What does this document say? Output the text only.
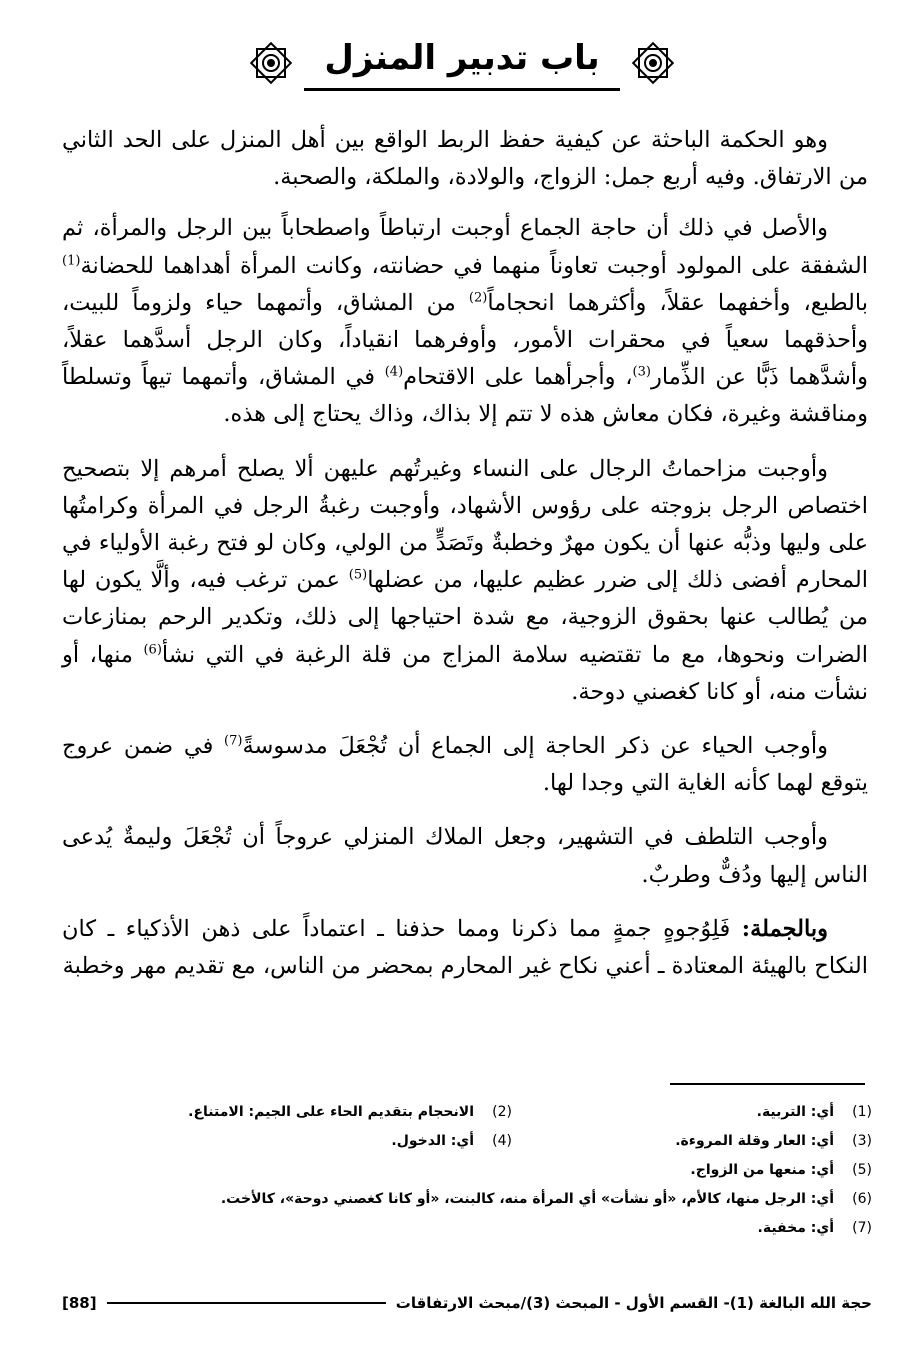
باب تدبير المنزل

وهو الحكمة الباحثة عن كيفية حفظ الربط الواقع بين أهل المنزل على الحد الثاني من الارتفاق. وفيه أربع جمل: الزواج، والولادة، والملكة، والصحبة.

والأصل في ذلك أن حاجة الجماع أوجبت ارتباطاً واصطحاباً بين الرجل والمرأة، ثم الشفقة على المولود أوجبت تعاوناً منهما في حضانته، وكانت المرأة أهداهما للحضانة$^{(1)}$ بالطبع، وأخفهما عقلاً، وأكثرهما انحجاماً$^{(2)}$ من المشاق، وأتمهما حياء ولزوماً للبيت، وأحذقهما سعياً في محقرات الأمور، وأوفرهما انقياداً، وكان الرجل أسدَّهما عقلاً، وأشدَّهما ذَبًّا عن الذِّمار$^{(3)}$، وأجرأهما على الاقتحام$^{(4)}$ في المشاق، وأتمهما تيهاً وتسلطاً ومناقشة وغيرة، فكان معاش هذه لا تتم إلا بذاك، وذاك يحتاج إلى هذه.

وأوجبت مزاحماتُ الرجال على النساء وغيرتُهم عليهن ألا يصلح أمرهم إلا بتصحيح اختصاص الرجل بزوجته على رؤوس الأشهاد، وأوجبت رغبةُ الرجل في المرأة وكرامتُها على وليها وذبُّه عنها أن يكون مهرٌ وخطبةٌ وتَصَدٍّ من الولي، وكان لو فتح رغبة الأولياء في المحارم أفضى ذلك إلى ضرر عظيم عليها، من عضلها$^{(5)}$ عمن ترغب فيه، وألَّا يكون لها من يُطالب عنها بحقوق الزوجية، مع شدة احتياجها إلى ذلك، وتكدير الرحم بمنازعات الضرات ونحوها، مع ما تقتضيه سلامة المزاج من قلة الرغبة في التي نشأ$^{(6)}$ منها، أو نشأت منه، أو كانا كغصني دوحة.

وأوجب الحياء عن ذكر الحاجة إلى الجماع أن تُجْعَلَ مدسوسةً$^{(7)}$ في ضمن عروج يتوقع لهما كأنه الغاية التي وجدا لها.

وأوجب التلطف في التشهير، وجعل الملاك المنزلي عروجاً أن تُجْعَلَ وليمةٌ يُدعى الناس إليها ودُفٌّ وطربٌ.

وبالجملة: فَلِوُجوهٍ جمةٍ مما ذكرنا ومما حذفنا ـ اعتماداً على ذهن الأذكياء ـ كان النكاح بالهيئة المعتادة ـ أعني نكاح غير المحارم بمحضر من الناس، مع تقديم مهر وخطبة

(1)
أي: التربية.
(2)
الانحجام بتقديم الحاء على الجيم: الامتناع.
(3)
أي: العار وقلة المروءة.
(4)
أي: الدخول.
(5)
أي: منعها من الزواج.
(6)
أي: الرجل منها، كالأم، «أو نشأت» أي المرأة منه، كالبنت، «أو كانا كغصني دوحة»، كالأخت.
(7)
أي: مخفية.
حجة الله البالغة (1)- القسم الأول - المبحث (3)/مبحث الارتفاقات
[88]
